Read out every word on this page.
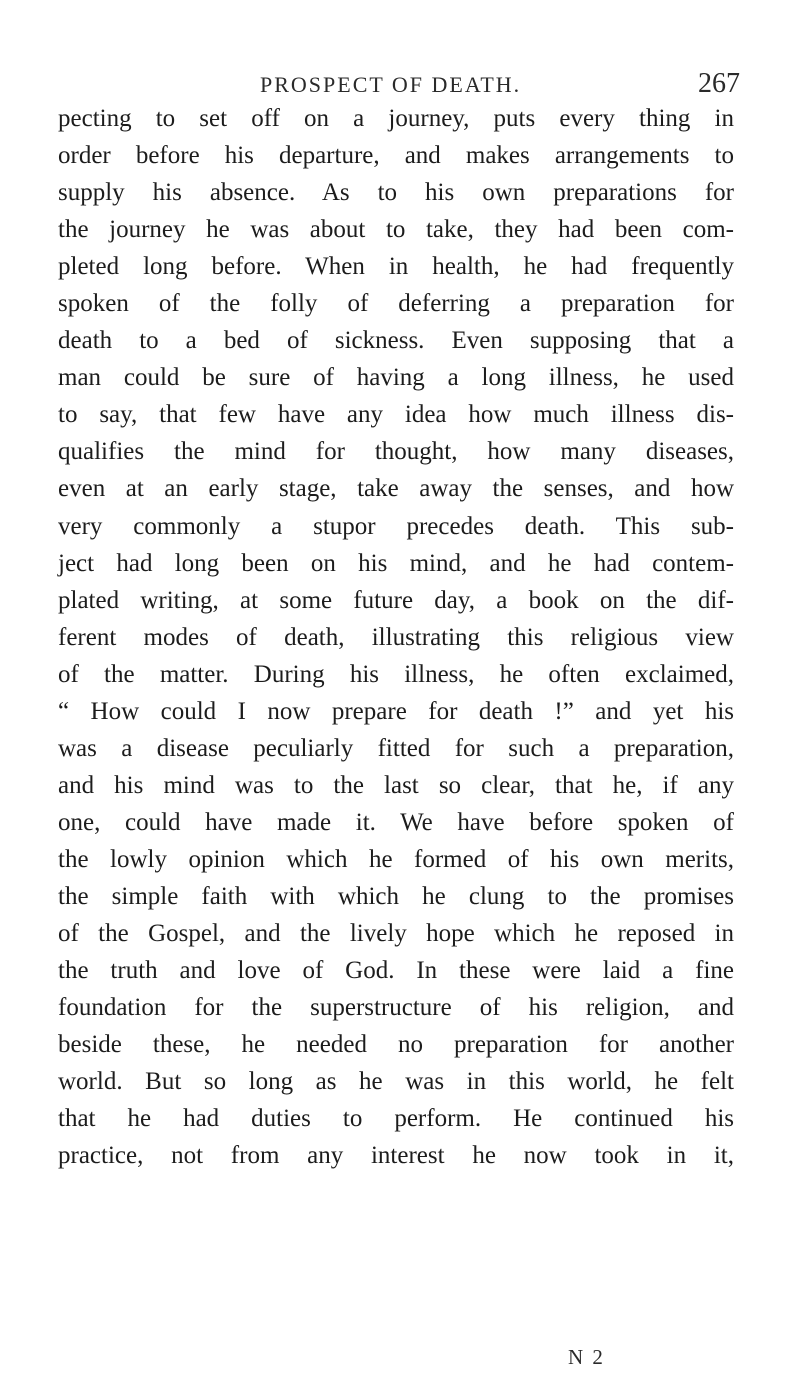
PROSPECT OF DEATH.	267
pecting to set off on a journey, puts every thing in
order before his departure, and makes arrangements to
supply his absence. As to his own preparations for
the journey he was about to take, they had been com-
pleted long before. When in health, he had frequently
spoken of the folly of deferring a preparation for
death to a bed of sickness. Even supposing that a
man could be sure of having a long illness, he used
to say, that few have any idea how much illness dis-
qualifies the mind for thought, how many diseases,
even at an early stage, take away the senses, and how
very commonly a stupor precedes death. This sub-
ject had long been on his mind, and he had contem-
plated writing, at some future day, a book on the dif-
ferent modes of death, illustrating this religious view
of the matter. During his illness, he often exclaimed,
“ How could I now prepare for death !” and yet his
was a disease peculiarly fitted for such a preparation,
and his mind was to the last so clear, that he, if any
one, could have made it. We have before spoken of
the lowly opinion which he formed of his own merits,
the simple faith with which he clung to the promises
of the Gospel, and the lively hope which he reposed in
the truth and love of God. In these were laid a fine
foundation for the superstructure of his religion, and
beside these, he needed no preparation for another
world. But so long as he was in this world, he felt
that he had duties to perform. He continued his
practice, not from any interest he now took in it,
N 2
